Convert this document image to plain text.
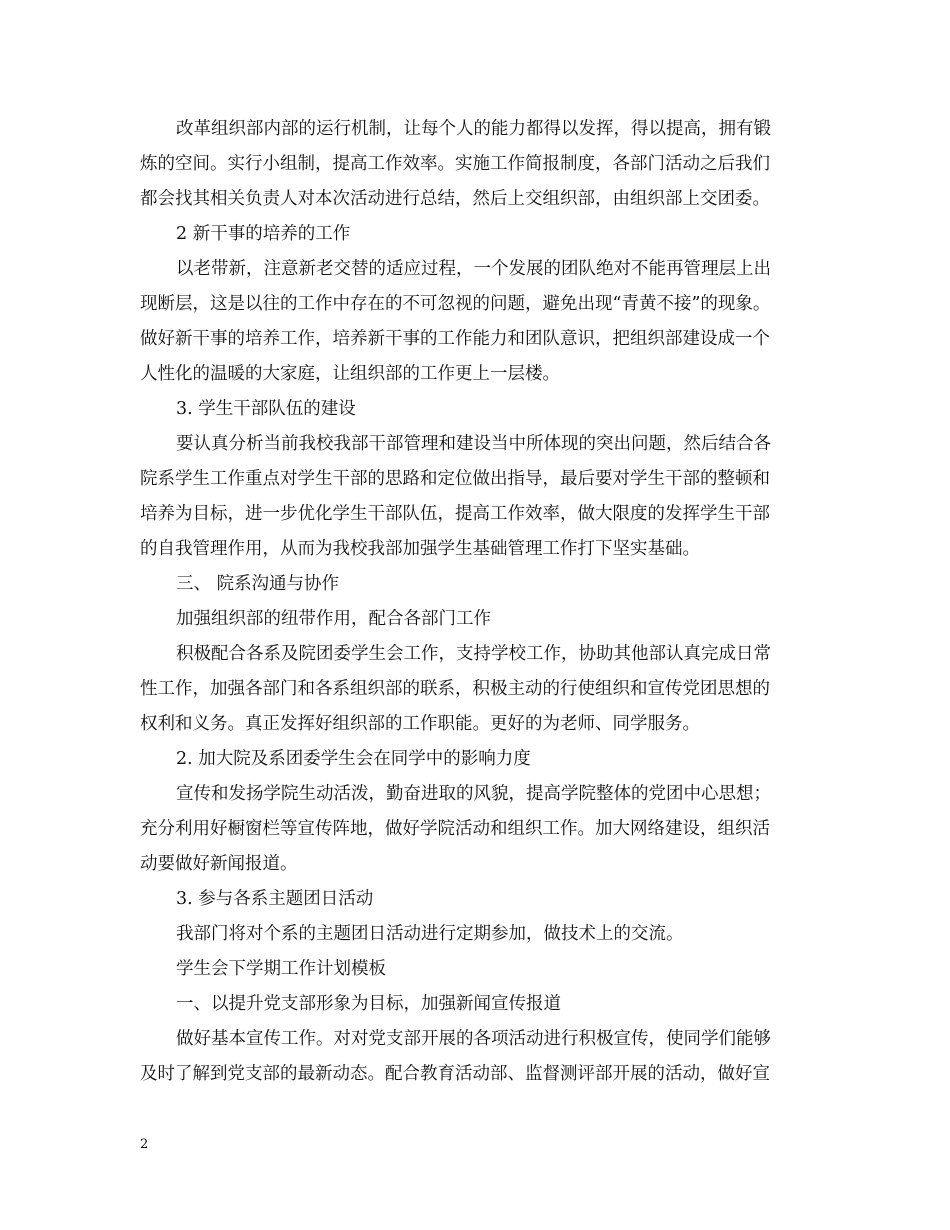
改革组织部内部的运行机制，让每个人的能力都得以发挥，得以提高，拥有锻
炼的空间。实行小组制，提高工作效率。实施工作简报制度，各部门活动之后我们
都会找其相关负责人对本次活动进行总结，然后上交组织部，由组织部上交团委。
2 新干事的培养的工作
以老带新，注意新老交替的适应过程，一个发展的团队绝对不能再管理层上出
现断层，这是以往的工作中存在的不可忽视的问题，避免出现“青黄不接”的现象。
做好新干事的培养工作，培养新干事的工作能力和团队意识，把组织部建设成一个
人性化的温暖的大家庭，让组织部的工作更上一层楼。
3. 学生干部队伍的建设
要认真分析当前我校我部干部管理和建设当中所体现的突出问题，然后结合各
院系学生工作重点对学生干部的思路和定位做出指导，最后要对学生干部的整顿和
培养为目标，进一步优化学生干部队伍，提高工作效率，做大限度的发挥学生干部
的自我管理作用，从而为我校我部加强学生基础管理工作打下坚实基础。
三、 院系沟通与协作
加强组织部的纽带作用，配合各部门工作
积极配合各系及院团委学生会工作，支持学校工作，协助其他部认真完成日常
性工作，加强各部门和各系组织部的联系，积极主动的行使组织和宣传党团思想的
权利和义务。真正发挥好组织部的工作职能。更好的为老师、同学服务。
2. 加大院及系团委学生会在同学中的影响力度
宣传和发扬学院生动活泼，勤奋进取的风貌，提高学院整体的党团中心思想；
充分利用好橱窗栏等宣传阵地，做好学院活动和组织工作。加大网络建设，组织活
动要做好新闻报道。
3. 参与各系主题团日活动
我部门将对个系的主题团日活动进行定期参加，做技术上的交流。
学生会下学期工作计划模板
一、以提升党支部形象为目标，加强新闻宣传报道
做好基本宣传工作。对对党支部开展的各项活动进行积极宣传，使同学们能够
及时了解到党支部的最新动态。配合教育活动部、监督测评部开展的活动，做好宣
2
